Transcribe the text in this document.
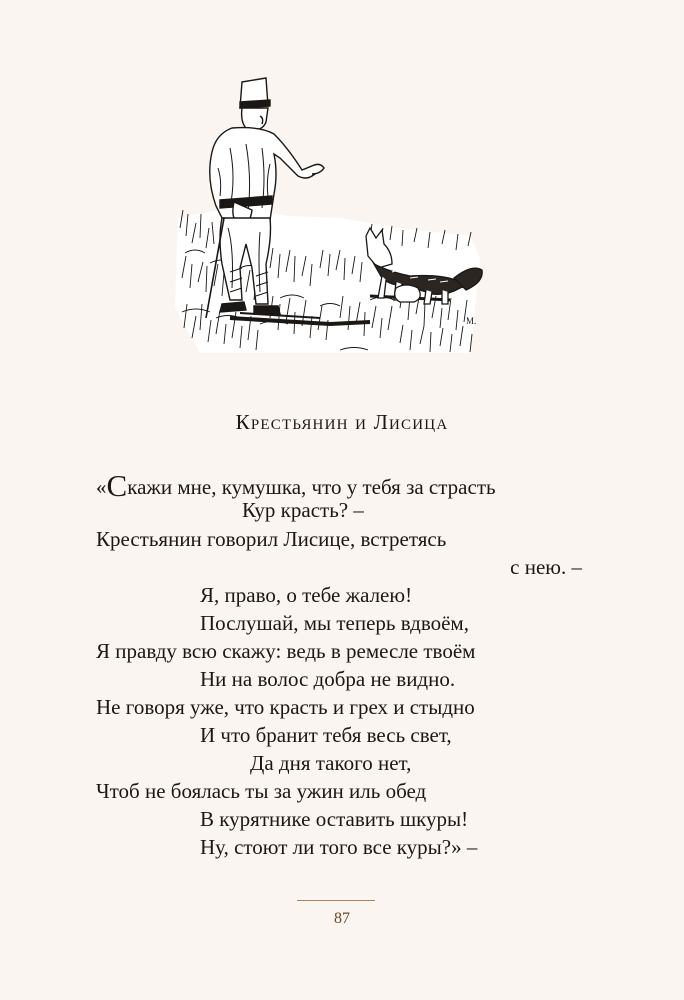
М.
Крестьянин и Лисица
«Скажи мне, кумушка, что у тебя за страсть
Кур красть? –
Крестьянин говорил Лисице, встретясь
с нею. –
Я, право, о тебе жалею!
Послушай, мы теперь вдвоём,
Я правду всю скажу: ведь в ремесле твоём
Ни на волос добра не видно.
Не говоря уже, что красть и грех и стыдно
И что бранит тебя весь свет,
Да дня такого нет,
Чтоб не боялась ты за ужин иль обед
В курятнике оставить шкуры!
Ну, стоют ли того все куры?» –
87
